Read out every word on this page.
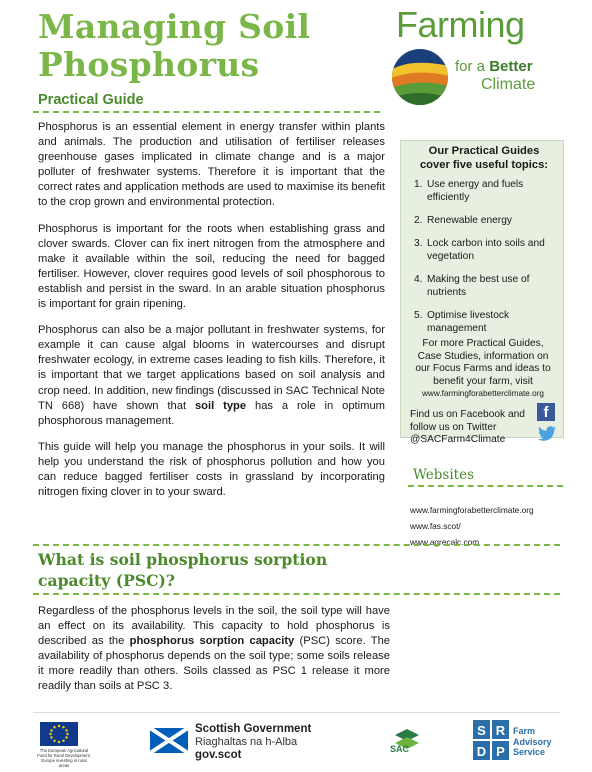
Managing Soil
Phosphorus
Practical Guide
Farming
for a Better
Climate

Phosphorus is an essential element in energy transfer within plants and animals. The production and utilisation of fertiliser releases greenhouse gases implicated in climate change and is a major polluter of freshwater systems. Therefore it is important that the correct rates and application methods are used to maximise its benefit to the crop grown and environmental protection.

Phosphorus is important for the roots when establishing grass and clover swards. Clover can fix inert nitrogen from the atmosphere and make it available within the soil, reducing the need for bagged fertiliser. However, clover requires good levels of soil phosphorous to establish and persist in the sward. In an arable situation phosphorus is important for grain ripening.

Phosphorus can also be a major pollutant in freshwater systems, for example it can cause algal blooms in watercourses and disrupt freshwater ecology, in extreme cases leading to fish kills. Therefore, it is important that we target applications based on soil analysis and crop need. In addition, new findings (discussed in SAC Technical Note TN 668) have shown that soil type has a role in optimum phosphorous management.

This guide will help you manage the phosphorus in your soils. It will help you understand the risk of phosphorus pollution and how you can reduce bagged fertiliser costs in grassland by incorporating nitrogen fixing clover in to your sward.

Our Practical Guides cover five useful topics:
1. Use energy and fuels efficiently
2. Renewable energy
3. Lock carbon into soils and vegetation
4. Making the best use of nutrients
5. Optimise livestock management
For more Practical Guides, Case Studies, information on our Focus Farms and ideas to benefit your farm, visit
www.farmingforabetterclimate.org
Find us on Facebook and follow us on Twitter
@SACFarm4Climate
f
Websites
www.farmingforabetterclimate.org
www.fas.scot/
www.agrecalc.com
What is soil phosphorus sorption capacity (PSC)?

Regardless of the phosphorus levels in the soil, the soil type will have an effect on its availability. This capacity to hold phosphorus is described as the phosphorus sorption capacity (PSC) score. The availability of phosphorus depends on the soil type; some soils release it more readily than others. Soils classed as PSC 1 release it more readily than soils at PSC 3.

The European Agricultural Fund for Rural Development: Europe investing in rural areas
Scottish Government
Riaghaltas na h-Alba
gov.scot	SAC
S R
D P
Farm
Advisory
Service
